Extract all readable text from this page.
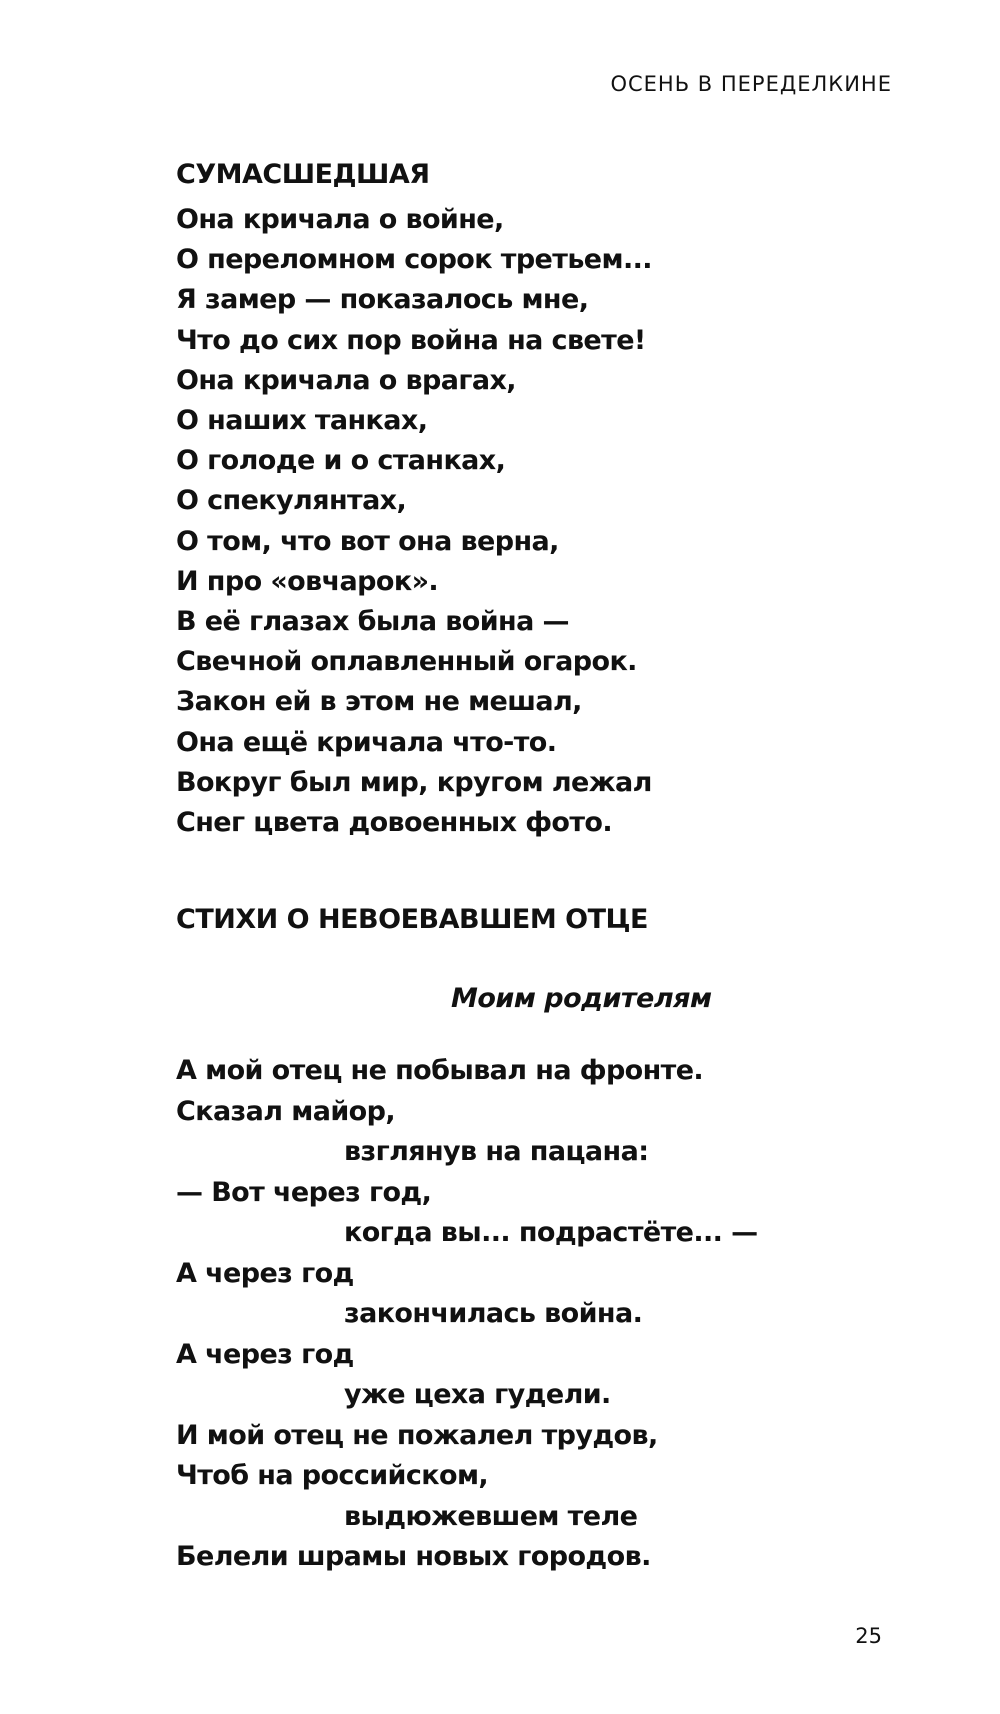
ОСЕНЬ В ПЕРЕДЕЛКИНЕ
СУМАСШЕДШАЯ
Она кричала о войне,
О переломном сорок третьем...
Я замер — показалось мне,
Что до сих пор война на свете!
Она кричала о врагах,
О наших танках,
О голоде и о станках,
О спекулянтах,
О том, что вот она верна,
И про «овчарок».
В её глазах была война —
Свечной оплавленный огарок.
Закон ей в этом не мешал,
Она ещё кричала что-то.
Вокруг был мир, кругом лежал
Снег цвета довоенных фото.
СТИХИ О НЕВОЕВАВШЕМ ОТЦЕ
Моим родителям
А мой отец не побывал на фронте.
Сказал майор,
взглянув на пацана:
— Вот через год,
когда вы... подрастёте... —
А через год
закончилась война.
А через год
уже цеха гудели.
И мой отец не пожалел трудов,
Чтоб на российском,
выдюжевшем теле
Белели шрамы новых городов.
25
